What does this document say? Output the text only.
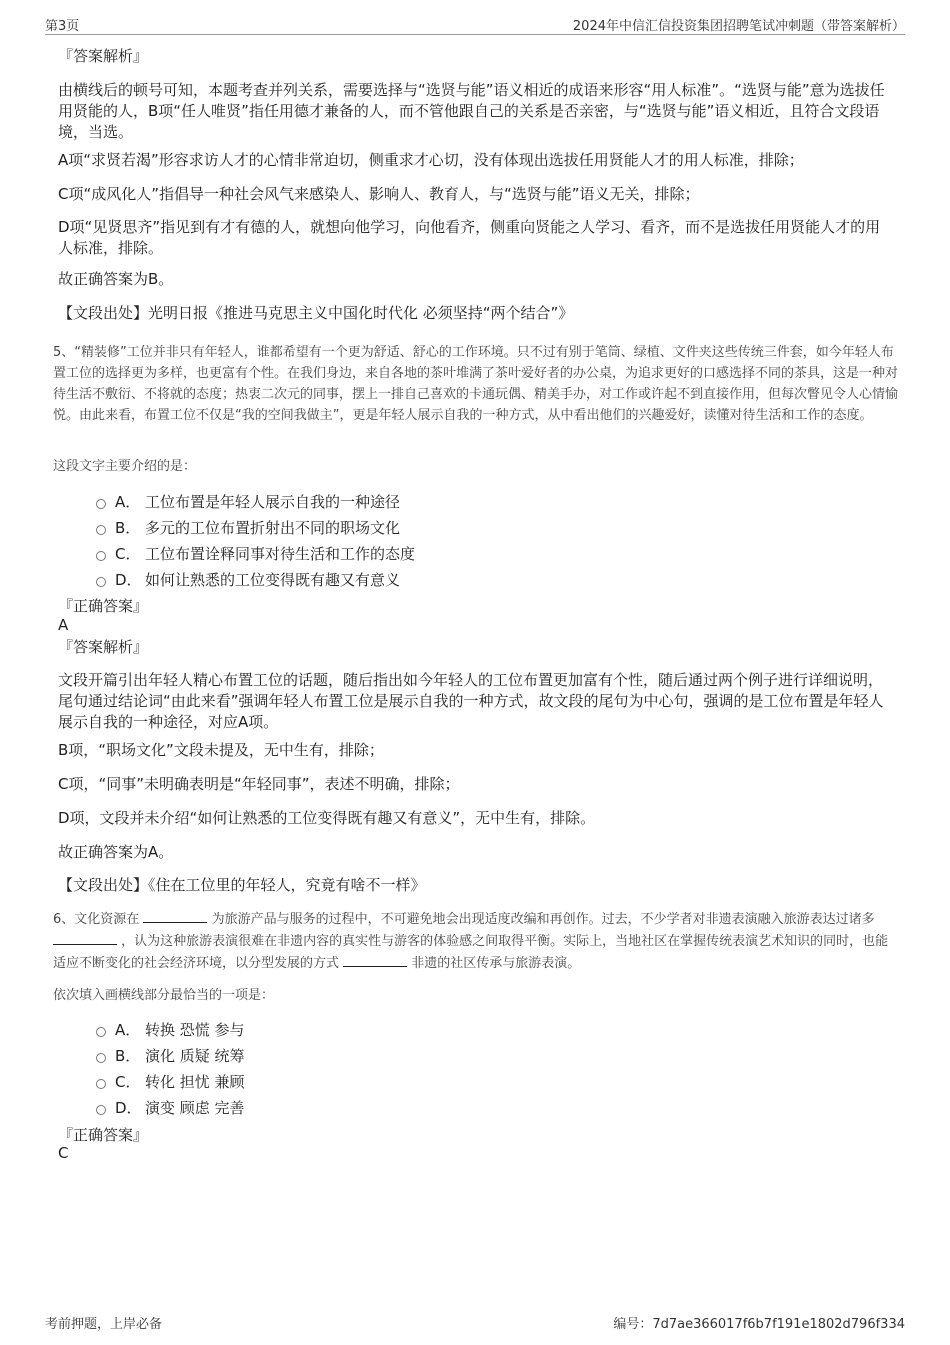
第3页	2024年中信汇信投资集团招聘笔试冲刺题（带答案解析）
『答案解析』
由横线后的顿号可知，本题考查并列关系，需要选择与“选贤与能”语义相近的成语来形容“用人标准”。“选贤与能”意为选拔任用贤能的人，B项“任人唯贤”指任用德才兼备的人，而不管他跟自己的关系是否亲密，与“选贤与能”语义相近，且符合文段语境，当选。
A项“求贤若渴”形容求访人才的心情非常迫切，侧重求才心切，没有体现出选拔任用贤能人才的用人标准，排除；
C项“成风化人”指倡导一种社会风气来感染人、影响人、教育人，与“选贤与能”语义无关，排除；
D项“见贤思齐”指见到有才有德的人，就想向他学习，向他看齐，侧重向贤能之人学习、看齐，而不是选拔任用贤能人才的用人标准，排除。
故正确答案为B。
【文段出处】光明日报《推进马克思主义中国化时代化 必须坚持“两个结合”》
5、“精装修”工位并非只有年轻人，谁都希望有一个更为舒适、舒心的工作环境。只不过有别于笔筒、绿植、文件夹这些传统三件套，如今年轻人布置工位的选择更为多样，也更富有个性。在我们身边，来自各地的茶叶堆满了茶叶爱好者的办公桌，为追求更好的口感选择不同的茶具，这是一种对待生活不敷衍、不将就的态度；热衷二次元的同事，摆上一排自己喜欢的卡通玩偶、精美手办，对工作或许起不到直接作用，但每次瞥见令人心情愉悦。由此来看，布置工位不仅是“我的空间我做主”，更是年轻人展示自我的一种方式，从中看出他们的兴趣爱好，读懂对待生活和工作的态度。
这段文字主要介绍的是：
A． 工位布置是年轻人展示自我的一种途径
B． 多元的工位布置折射出不同的职场文化
C． 工位布置诠释同事对待生活和工作的态度
D． 如何让熟悉的工位变得既有趣又有意义
『正确答案』
A
『答案解析』
文段开篇引出年轻人精心布置工位的话题，随后指出如今年轻人的工位布置更加富有个性，随后通过两个例子进行详细说明，尾句通过结论词“由此来看”强调年轻人布置工位是展示自我的一种方式，故文段的尾句为中心句，强调的是工位布置是年轻人展示自我的一种途径，对应A项。
B项，“职场文化”文段未提及，无中生有，排除；
C项，“同事”未明确表明是“年轻同事”，表述不明确，排除；
D项，文段并未介绍“如何让熟悉的工位变得既有趣又有意义”，无中生有，排除。
故正确答案为A。
【文段出处】《住在工位里的年轻人，究竟有啥不一样》
6、文化资源在	为旅游产品与服务的过程中，不可避免地会出现适度改编和再创作。过去，不少学者对非遗表演融入旅游表达过诸多  ，认为这种旅游表演很难在非遗内容的真实性与游客的体验感之间取得平衡。实际上，当地社区在掌握传统表演艺术知识的同时，也能适应不断变化的社会经济环境，以分型发展的方式	非遗的社区传承与旅游表演。
依次填入画横线部分最恰当的一项是：
A． 转换 恐慌 参与
B． 演化 质疑 统筹
C． 转化 担忧 兼顾
D． 演变 顾虑 完善
『正确答案』
C
考前押题，上岸必备	编号：7d7ae366017f6b7f191e1802d796f334
